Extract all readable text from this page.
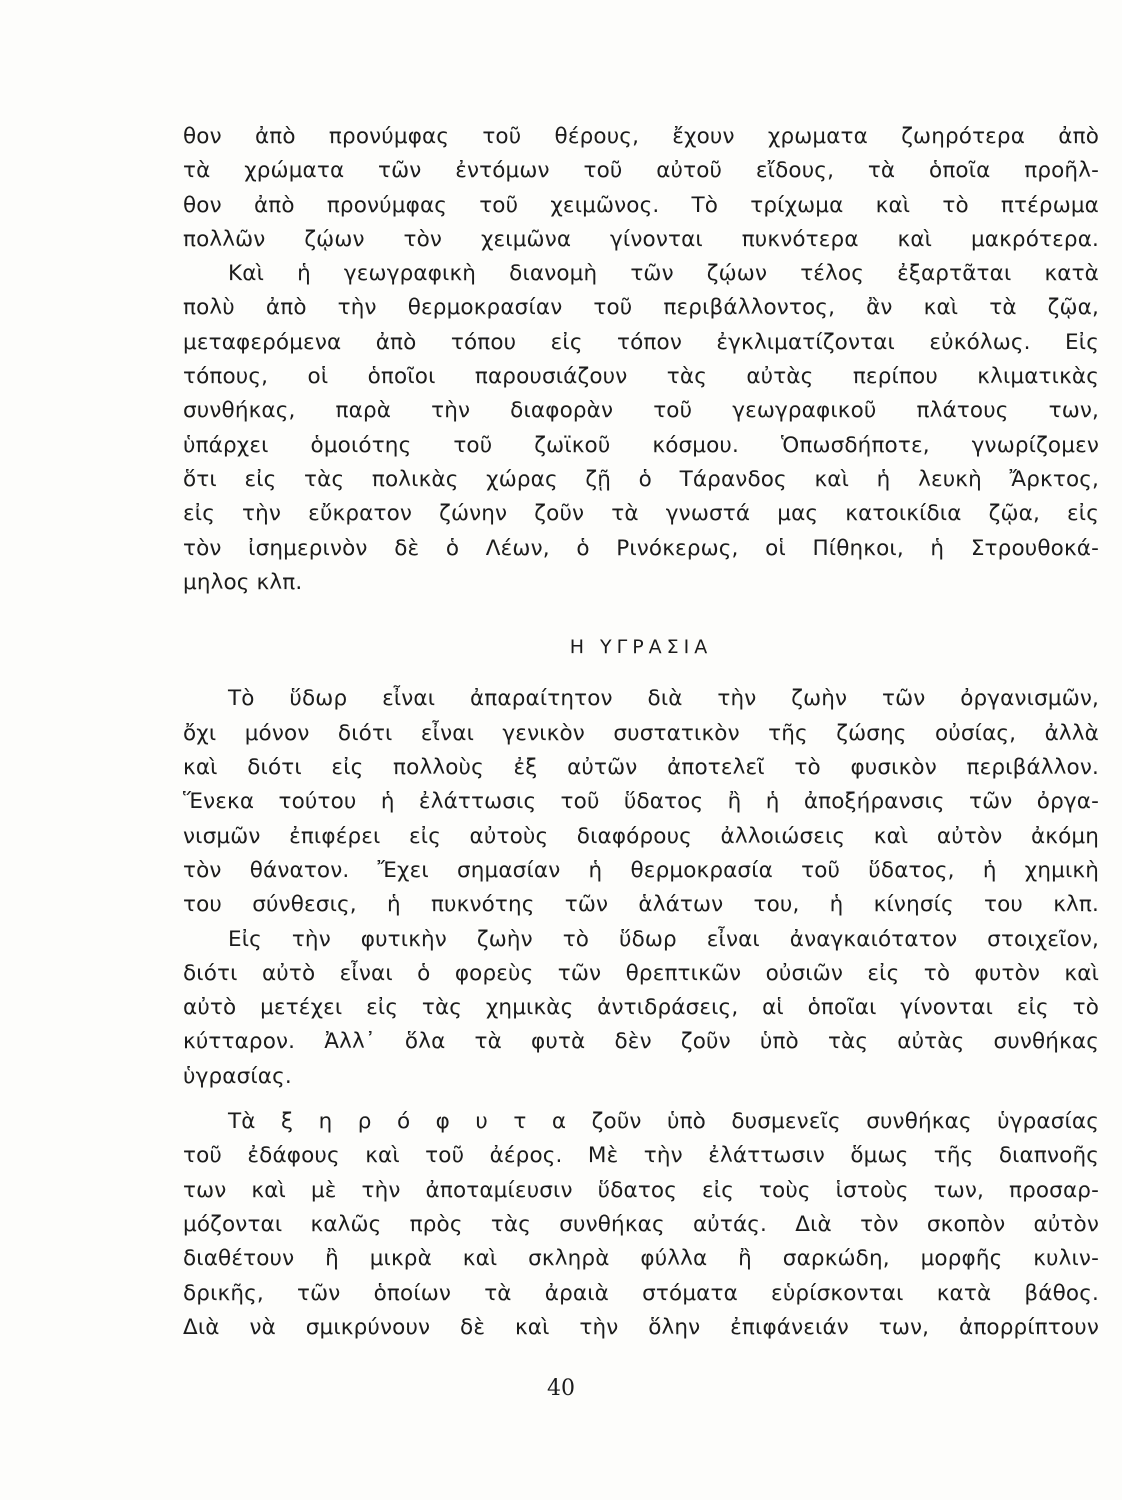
θον ἀπὸ προνύμφας τοῦ θέρους, ἔχουν χρωματα ζωηρότερα ἀπὸ
τὰ χρώματα τῶν ἐντόμων τοῦ αὐτοῦ εἴδους, τὰ ὁποῖα προῆλ-
θον ἀπὸ προνύμφας τοῦ χειμῶνος. Τὸ τρίχωμα καὶ τὸ πτέρωμα
πολλῶν ζῴων τὸν χειμῶνα γίνονται πυκνότερα καὶ μακρότερα.
Καὶ ἡ γεωγραφικὴ διανομὴ τῶν ζῴων τέλος ἐξαρτᾶται κατὰ
πολὺ ἀπὸ τὴν θερμοκρασίαν τοῦ περιβάλλοντος, ἂν καὶ τὰ ζῷα,
μεταφερόμενα ἀπὸ τόπου εἰς τόπον ἐγκλιματίζονται εὐκόλως. Εἰς
τόπους, οἱ ὁποῖοι παρουσιάζουν τὰς αὐτὰς περίπου κλιματικὰς
συνθήκας, παρὰ τὴν διαφορὰν τοῦ γεωγραφικοῦ πλάτους των,
ὑπάρχει ὁμοιότης τοῦ ζωϊκοῦ κόσμου. Ὁπωσδήποτε, γνωρίζομεν
ὅτι εἰς τὰς πολικὰς χώρας ζῇ ὁ Τάρανδος καὶ ἡ λευκὴ Ἄρκτος,
εἰς τὴν εὔκρατον ζώνην ζοῦν τὰ γνωστά μας κατοικίδια ζῷα, εἰς
τὸν ἰσημερινὸν δὲ ὁ Λέων, ὁ Ρινόκερως, οἱ Πίθηκοι, ἡ Στρουθοκά-
μηλος κλπ.
Η ΥΓΡΑΣΙΑ
Τὸ ὕδωρ εἶναι ἀπαραίτητον διὰ τὴν ζωὴν τῶν ὀργανισμῶν,
ὄχι μόνον διότι εἶναι γενικὸν συστατικὸν τῆς ζώσης οὐσίας, ἀλλὰ
καὶ διότι εἰς πολλοὺς ἐξ αὐτῶν ἀποτελεῖ τὸ φυσικὸν περιβάλλον.
Ἕνεκα τούτου ἡ ἐλάττωσις τοῦ ὕδατος ἢ ἡ ἀποξήρανσις τῶν ὀργα-
νισμῶν ἐπιφέρει εἰς αὐτοὺς διαφόρους ἀλλοιώσεις καὶ αὐτὸν ἀκόμη
τὸν θάνατον. Ἔχει σημασίαν ἡ θερμοκρασία τοῦ ὕδατος, ἡ χημικὴ
του σύνθεσις, ἡ πυκνότης τῶν ἁλάτων του, ἡ κίνησίς του κλπ.
Εἰς τὴν φυτικὴν ζωὴν τὸ ὕδωρ εἶναι ἀναγκαιότατον στοιχεῖον,
διότι αὐτὸ εἶναι ὁ φορεὺς τῶν θρεπτικῶν οὐσιῶν εἰς τὸ φυτὸν καὶ
αὐτὸ μετέχει εἰς τὰς χημικὰς ἀντιδράσεις, αἱ ὁποῖαι γίνονται εἰς τὸ
κύτταρον. Ἀλλ᾽ ὅλα τὰ φυτὰ δὲν ζοῦν ὑπὸ τὰς αὐτὰς συνθήκας
ὑγρασίας.
Τὰ ξ η ρ ό φ υ τ α ζοῦν ὑπὸ δυσμενεῖς συνθήκας ὑγρασίας
τοῦ ἐδάφους καὶ τοῦ ἀέρος. Μὲ τὴν ἐλάττωσιν ὅμως τῆς διαπνοῆς
των καὶ μὲ τὴν ἀποταμίευσιν ὕδατος εἰς τοὺς ἱστοὺς των, προσαρ-
μόζονται καλῶς πρὸς τὰς συνθήκας αὐτάς. Διὰ τὸν σκοπὸν αὐτὸν
διαθέτουν ἢ μικρὰ καὶ σκληρὰ φύλλα ἢ σαρκώδη, μορφῆς κυλιν-
δρικῆς, τῶν ὁποίων τὰ ἀραιὰ στόματα εὑρίσκονται κατὰ βάθος.
Διὰ νὰ σμικρύνουν δὲ καὶ τὴν ὅλην ἐπιφάνειάν των, ἀπορρίπτουν
40
